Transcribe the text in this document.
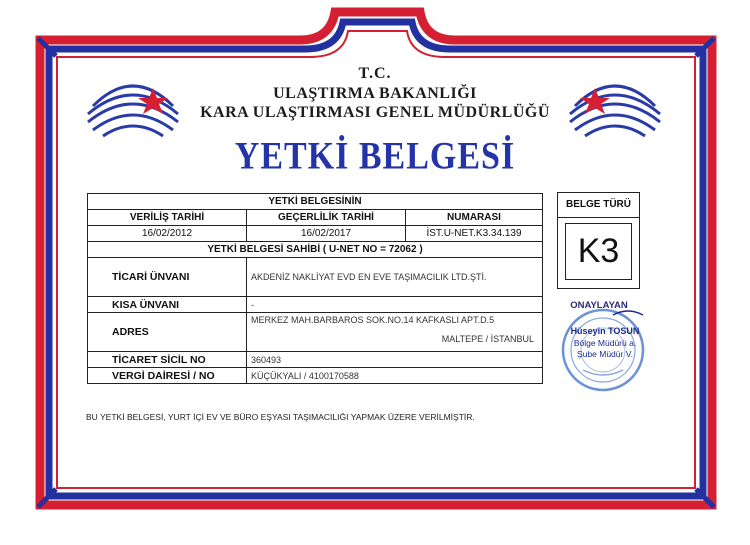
T.C.
ULAŞTIRMA BAKANLIĞI
KARA ULAŞTIRMASI GENEL MÜDÜRLÜĞÜ
YETKİ BELGESİ
YETKİ BELGESİNİN		
VERİLİŞ TARİHİ	GEÇERLİLİK TARİHİ	NUMARASI
16/02/2012	16/02/2017	İST.U-NET.K3.34.139
YETKİ BELGESİ SAHİBİ ( U-NET NO = 72062 )		
TİCARİ ÜNVANI	AKDENİZ NAKLİYAT EVD EN EVE TAŞIMACILIK LTD.ŞTİ.	
KISA ÜNVANI	-	
ADRES	MERKEZ MAH.BARBAROS SOK.NO.14 KAFKASLI APT.D.5
MALTEPE / İSTANBUL	

TİCARET SİCİL NO	360493	
VERGİ DAİRESİ / NO	KÜÇÜKYALI / 4100170588	
BELGE TÜRÜ
K3
ONAYLAYAN
Hüseyin TOSUN
Bölge Müdürü a.
Şube Müdür V.
BU YETKİ BELGESİ, YURT İÇİ EV VE BÜRO EŞYASI TAŞIMACILIĞI YAPMAK ÜZERE VERİLMİŞTİR.
